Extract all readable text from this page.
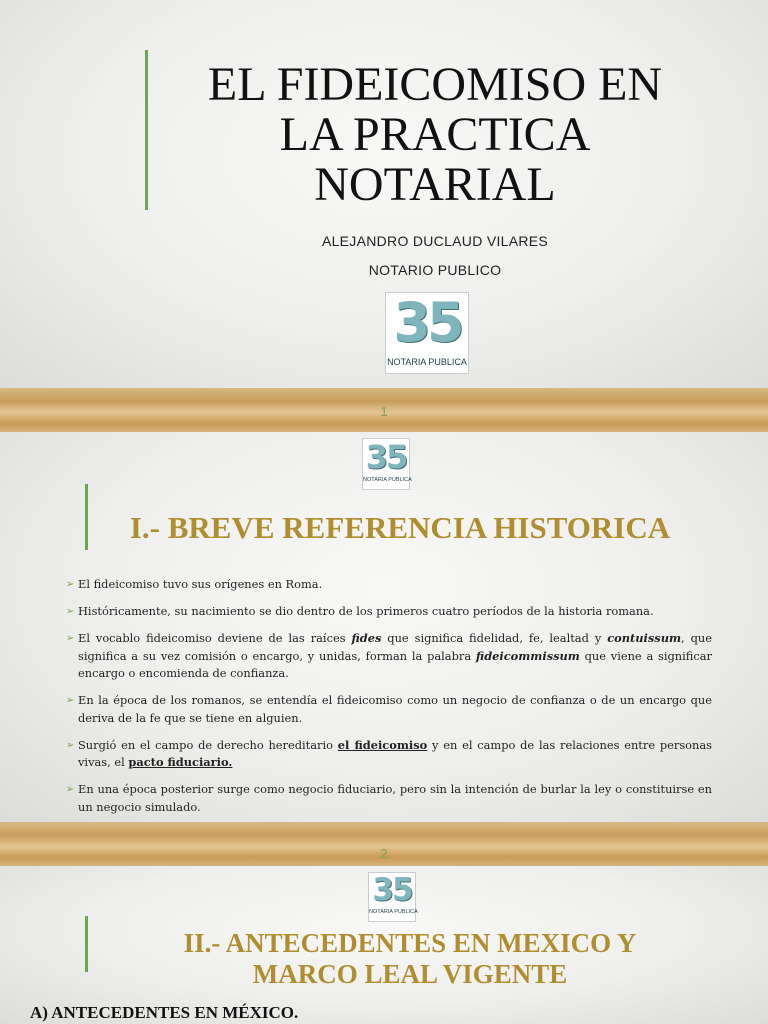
EL FIDEICOMISO EN
LA PRACTICA
NOTARIAL
ALEJANDRO DUCLAUD VILARES
NOTARIO PUBLICO
35
NOTARIA PUBLICA
1
35
NOTARIA PUBLICA
I.- BREVE REFERENCIA HISTORICA
➢ El fideicomiso tuvo sus orígenes en Roma.
➢ Históricamente, su nacimiento se dio dentro de los primeros cuatro períodos de la historia romana.
➢ El vocablo fideicomiso deviene de las raíces fides que significa fidelidad, fe, lealtad y contuissum, que significa a su vez comisión o encargo, y unidas, forman la palabra fideicommissum que viene a significar encargo o encomienda de confianza.
➢ En la época de los romanos, se entendía el fideicomiso como un negocio de confianza o de un encargo que deriva de la fe que se tiene en alguien.
➢ Surgió en el campo de derecho hereditario el fideicomiso y en el campo de las relaciones entre personas vivas, el pacto fiduciario.
➢ En una época posterior surge como negocio fiduciario, pero sin la intención de burlar la ley o constituirse en un negocio simulado.
2
35
NOTARIA PUBLICA
II.- ANTECEDENTES EN MEXICO Y
MARCO LEAL VIGENTE
A) ANTECEDENTES EN MÉXICO.
